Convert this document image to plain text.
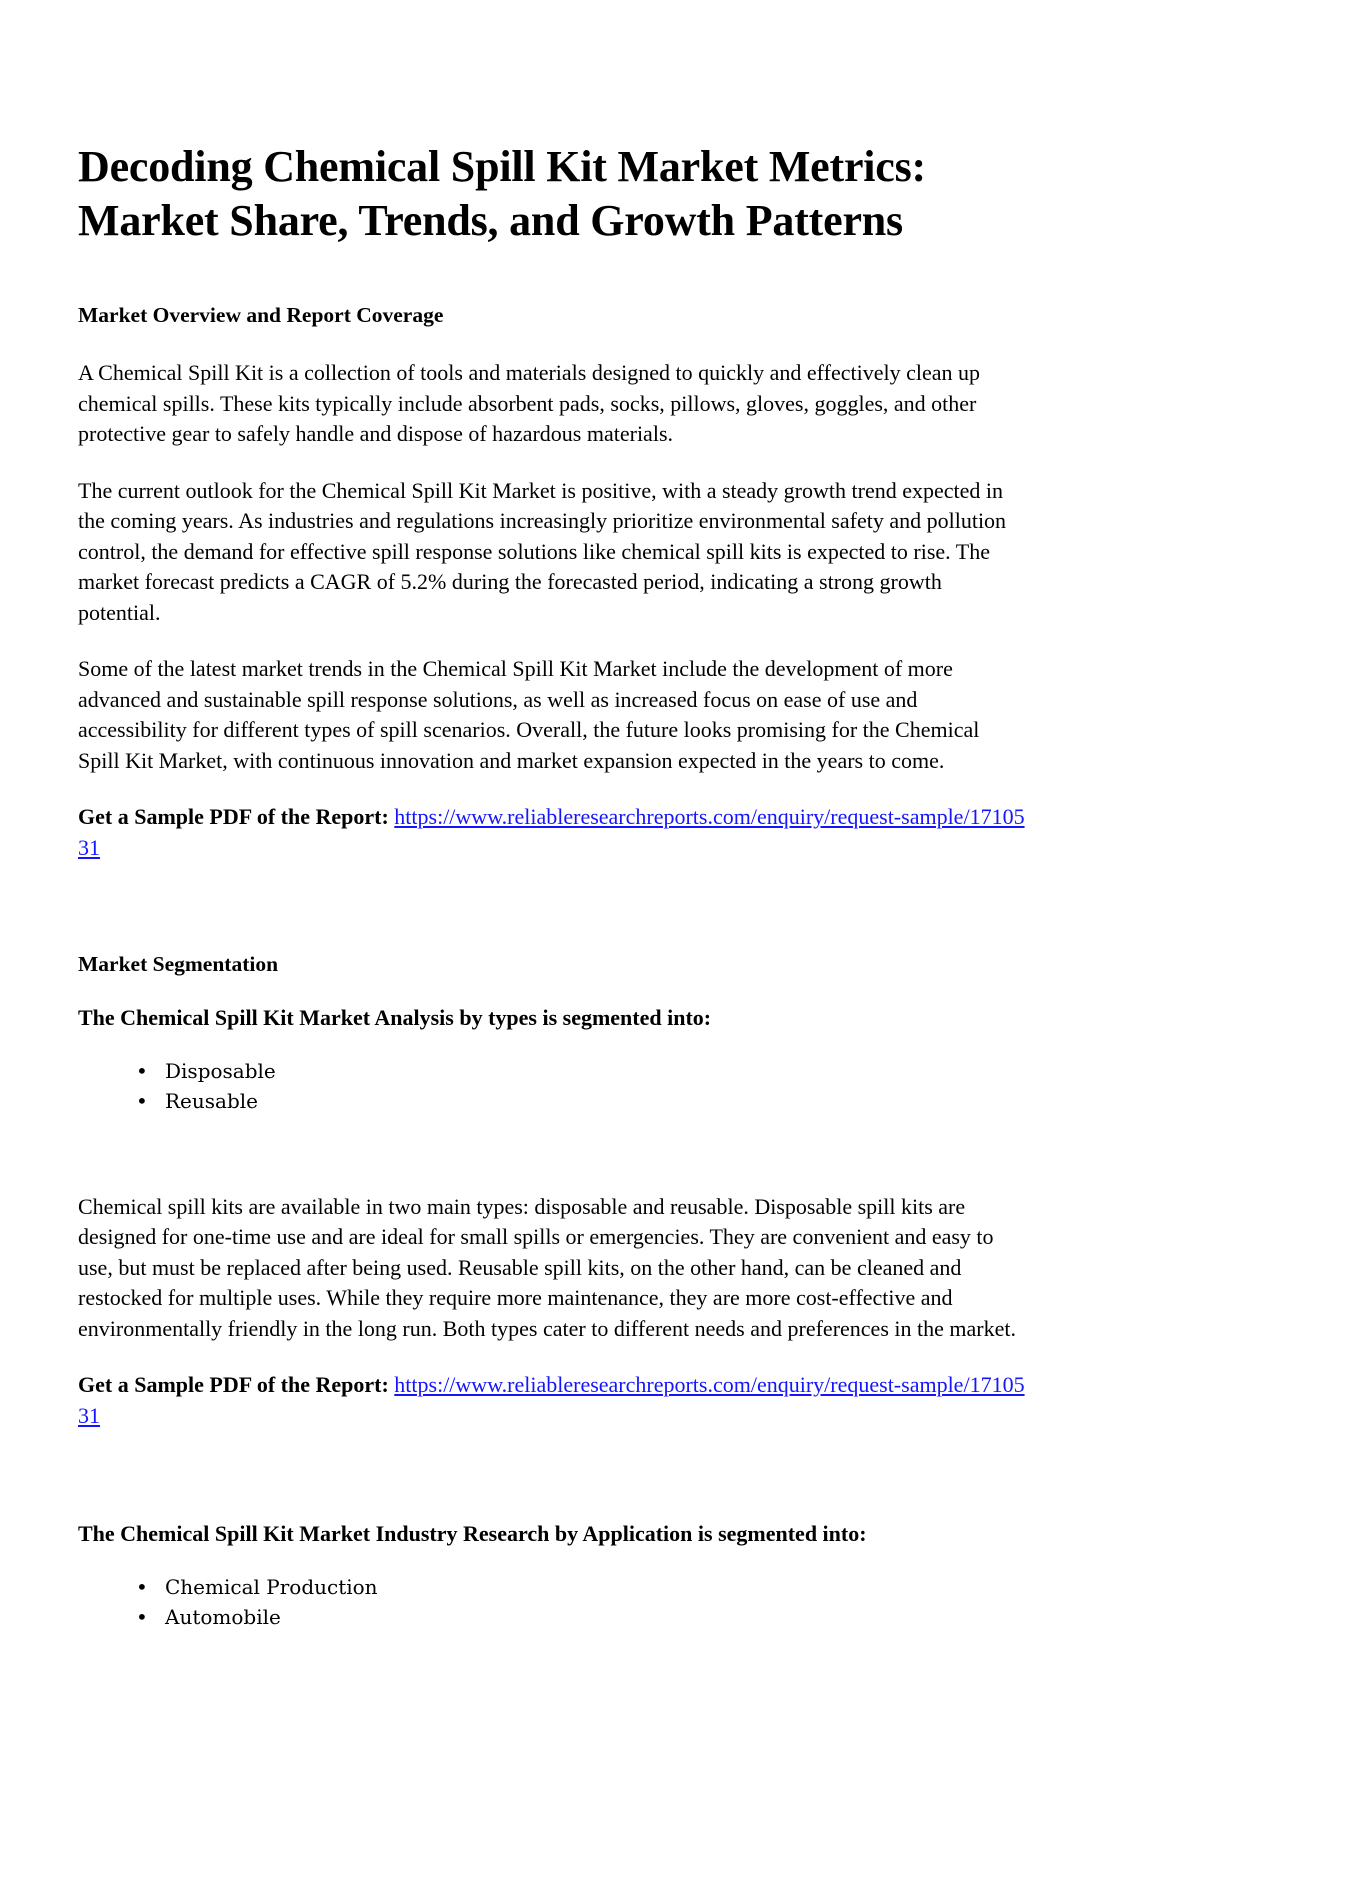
Decoding Chemical Spill Kit Market Metrics:
Market Share, Trends, and Growth Patterns
Market Overview and Report Coverage

A Chemical Spill Kit is a collection of tools and materials designed to quickly and effectively clean up chemical spills. These kits typically include absorbent pads, socks, pillows, gloves, goggles, and other protective gear to safely handle and dispose of hazardous materials.

The current outlook for the Chemical Spill Kit Market is positive, with a steady growth trend expected in the coming years. As industries and regulations increasingly prioritize environmental safety and pollution control, the demand for effective spill response solutions like chemical spill kits is expected to rise. The market forecast predicts a CAGR of 5.2% during the forecasted period, indicating a strong growth potential.

Some of the latest market trends in the Chemical Spill Kit Market include the development of more advanced and sustainable spill response solutions, as well as increased focus on ease of use and accessibility for different types of spill scenarios. Overall, the future looks promising for the Chemical Spill Kit Market, with continuous innovation and market expansion expected in the years to come.

Get a Sample PDF of the Report: https://www.reliableresearchreports.com/enquiry/request-sample/1710531

Market Segmentation

The Chemical Spill Kit Market Analysis by types is segmented into:

• Disposable
• Reusable

Chemical spill kits are available in two main types: disposable and reusable. Disposable spill kits are designed for one-time use and are ideal for small spills or emergencies. They are convenient and easy to use, but must be replaced after being used. Reusable spill kits, on the other hand, can be cleaned and restocked for multiple uses. While they require more maintenance, they are more cost-effective and environmentally friendly in the long run. Both types cater to different needs and preferences in the market.

Get a Sample PDF of the Report: https://www.reliableresearchreports.com/enquiry/request-sample/1710531

The Chemical Spill Kit Market Industry Research by Application is segmented into:

• Chemical Production
• Automobile
